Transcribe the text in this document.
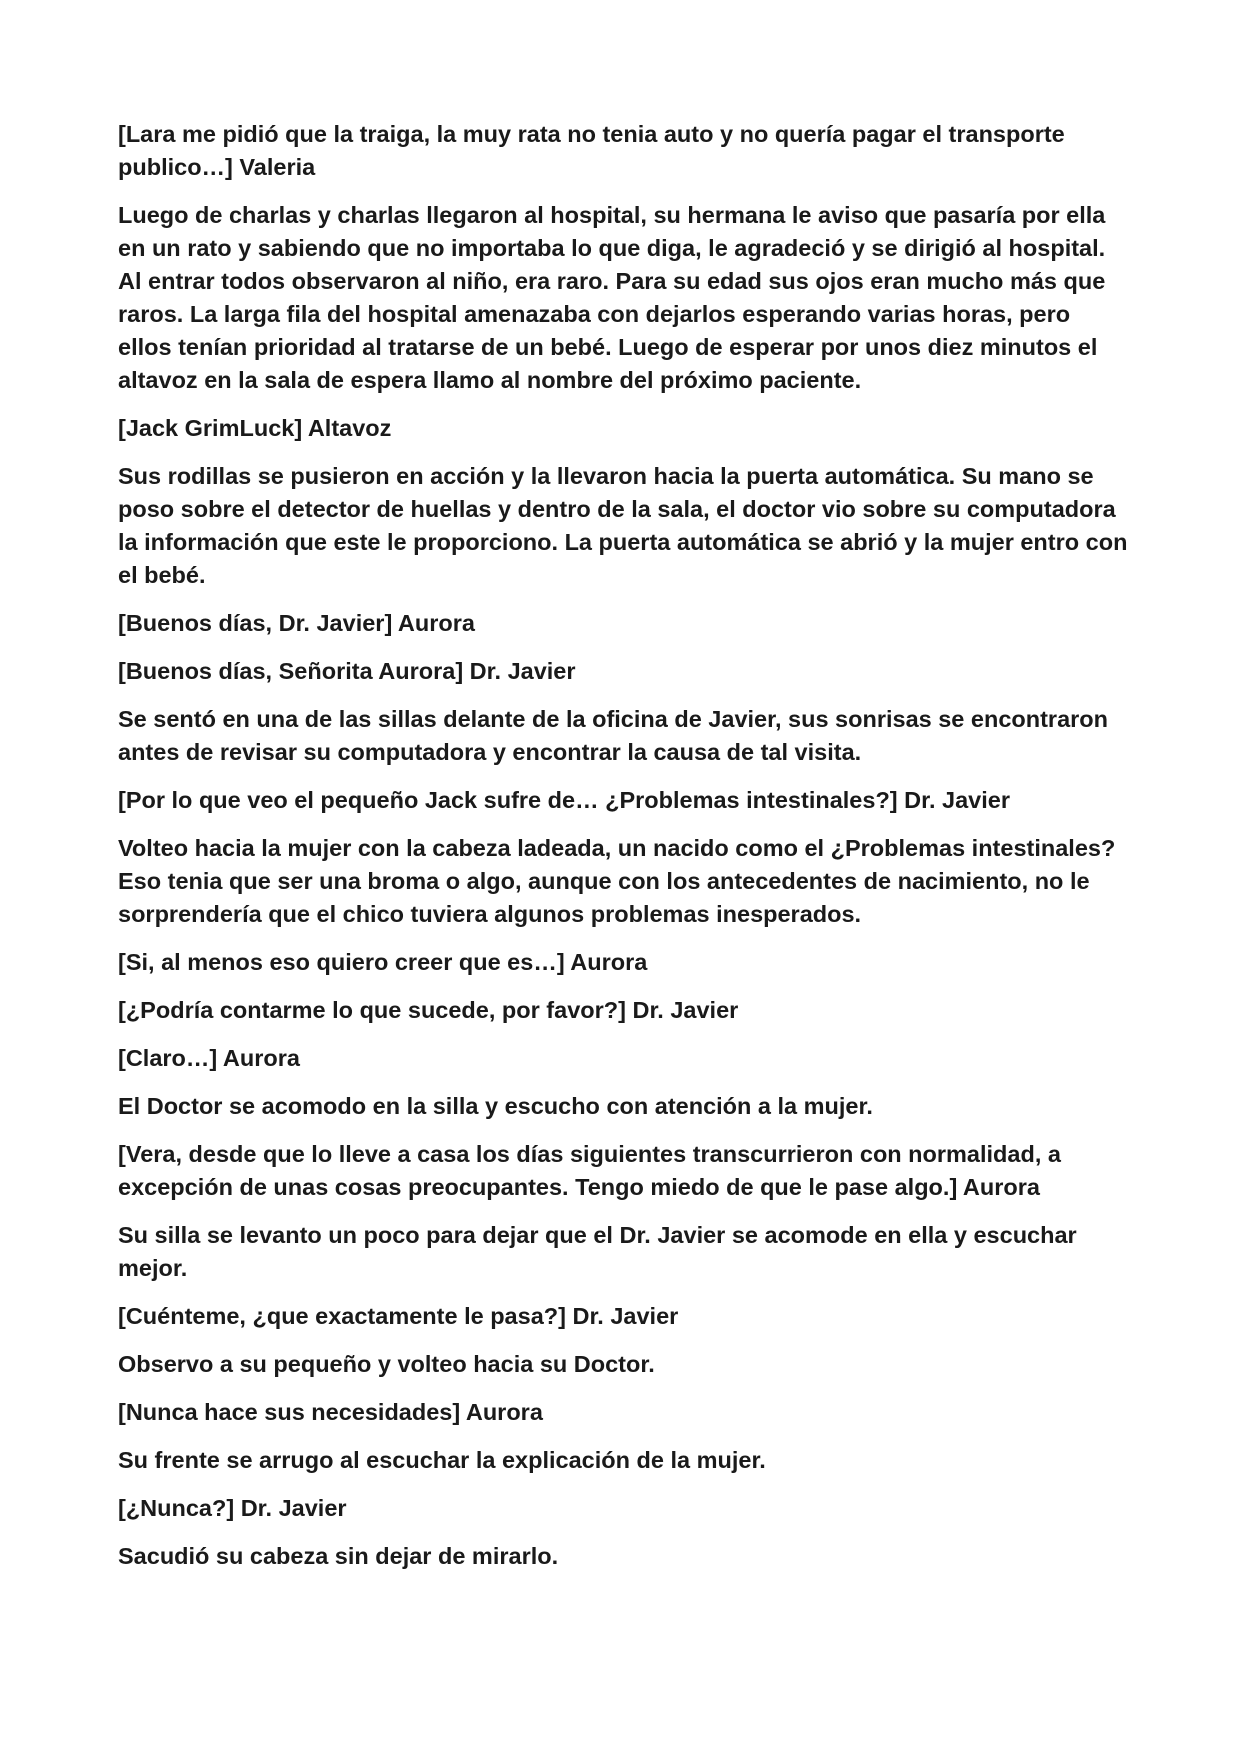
[Lara me pidió que la traiga, la muy rata no tenia auto y no quería pagar el transporte publico…] Valeria

Luego de charlas y charlas llegaron al hospital, su hermana le aviso que pasaría por ella en un rato y sabiendo que no importaba lo que diga, le agradeció y se dirigió al hospital. Al entrar todos observaron al niño, era raro. Para su edad sus ojos eran mucho más que raros. La larga fila del hospital amenazaba con dejarlos esperando varias horas, pero ellos tenían prioridad al tratarse de un bebé. Luego de esperar por unos diez minutos el altavoz en la sala de espera llamo al nombre del próximo paciente.

[Jack GrimLuck] Altavoz

Sus rodillas se pusieron en acción y la llevaron hacia la puerta automática. Su mano se poso sobre el detector de huellas y dentro de la sala, el doctor vio sobre su computadora la información que este le proporciono. La puerta automática se abrió y la mujer entro con el bebé.

[Buenos días, Dr. Javier] Aurora

[Buenos días, Señorita Aurora] Dr. Javier

Se sentó en una de las sillas delante de la oficina de Javier, sus sonrisas se encontraron antes de revisar su computadora y encontrar la causa de tal visita.

[Por lo que veo el pequeño Jack sufre de… ¿Problemas intestinales?] Dr. Javier

Volteo hacia la mujer con la cabeza ladeada, un nacido como el ¿Problemas intestinales? Eso tenia que ser una broma o algo, aunque con los antecedentes de nacimiento, no le sorprendería que el chico tuviera algunos problemas inesperados.

[Si, al menos eso quiero creer que es…] Aurora

[¿Podría contarme lo que sucede, por favor?] Dr. Javier

[Claro…] Aurora

El Doctor se acomodo en la silla y escucho con atención a la mujer.

[Vera, desde que lo lleve a casa los días siguientes transcurrieron con normalidad, a excepción de unas cosas preocupantes. Tengo miedo de que le pase algo.] Aurora

Su silla se levanto un poco para dejar que el Dr. Javier se acomode en ella y escuchar mejor.

[Cuénteme, ¿que exactamente le pasa?] Dr. Javier

Observo a su pequeño y volteo hacia su Doctor.

[Nunca hace sus necesidades] Aurora

Su frente se arrugo al escuchar la explicación de la mujer.

[¿Nunca?] Dr. Javier

Sacudió su cabeza sin dejar de mirarlo.
